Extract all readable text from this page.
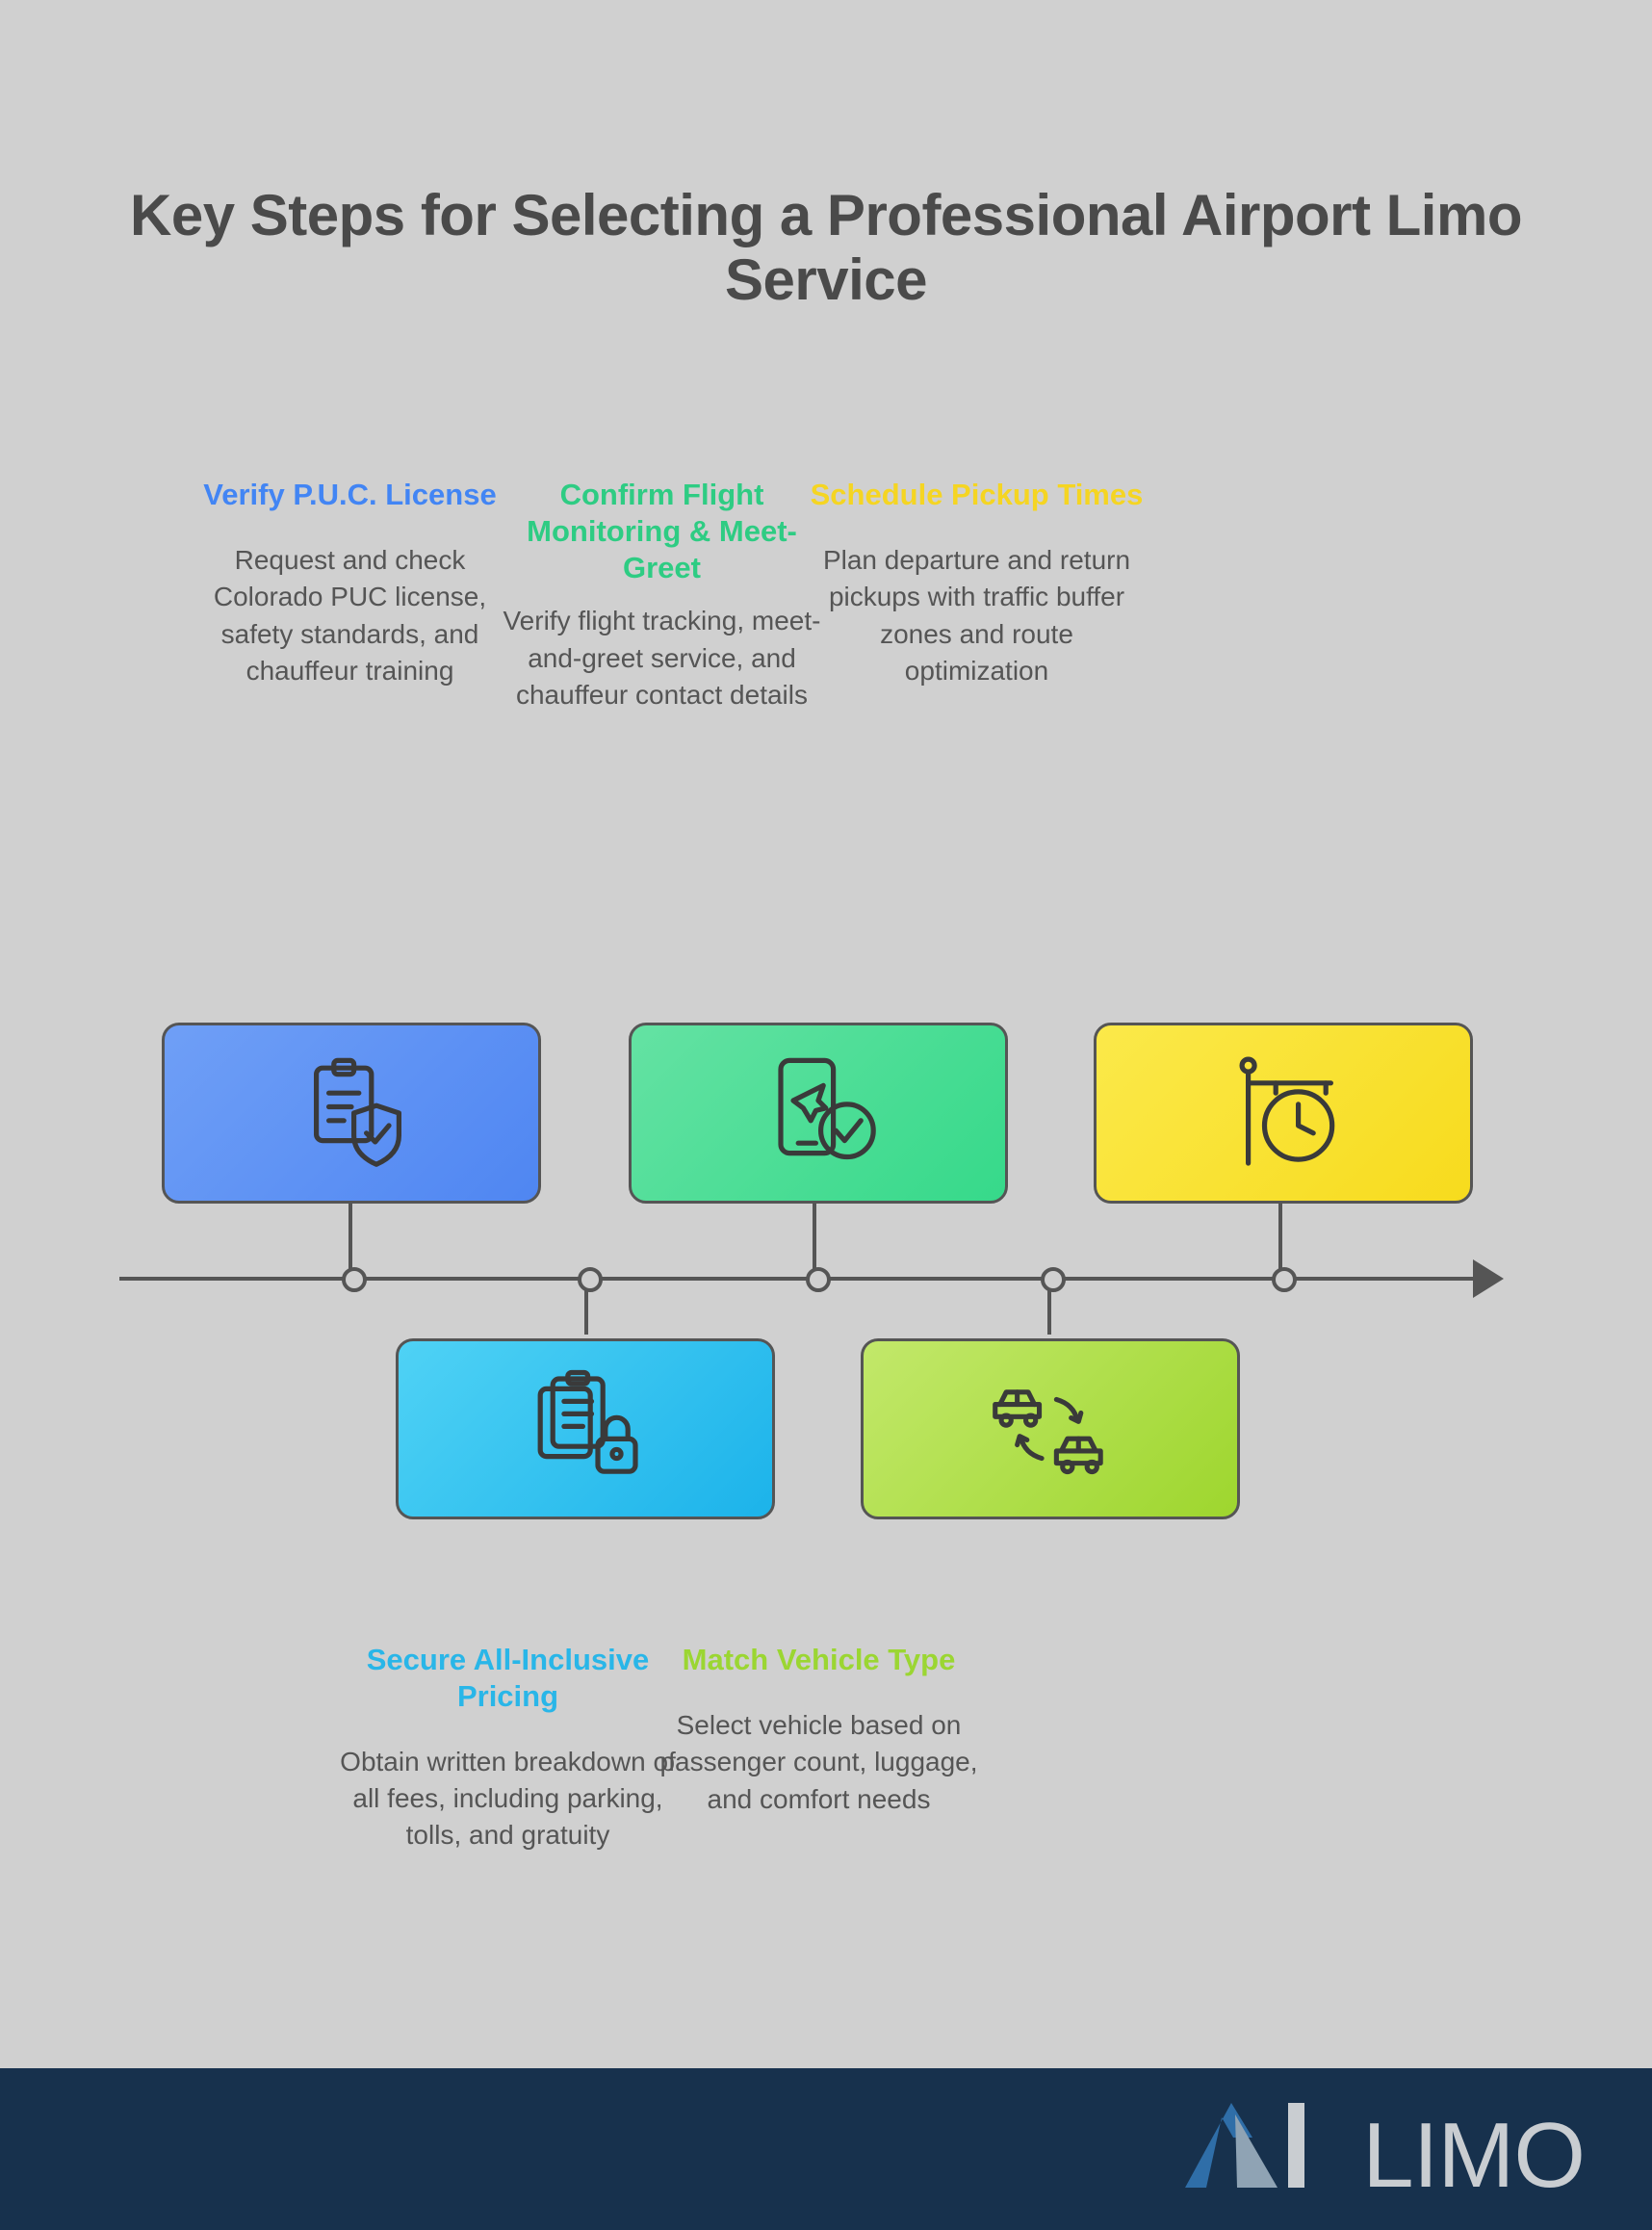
Key Steps for Selecting a Professional Airport Limo Service
Verify P.U.C. License
Request and check Colorado PUC license, safety standards, and chauffeur training
Confirm Flight Monitoring & Meet-Greet
Verify flight tracking, meet-and-greet service, and chauffeur contact details
Schedule Pickup Times
Plan departure and return pickups with traffic buffer zones and route optimization
Secure All-Inclusive Pricing
Obtain written breakdown of all fees, including parking, tolls, and gratuity
Match Vehicle Type
Select vehicle based on passenger count, luggage, and comfort needs
LIMO
